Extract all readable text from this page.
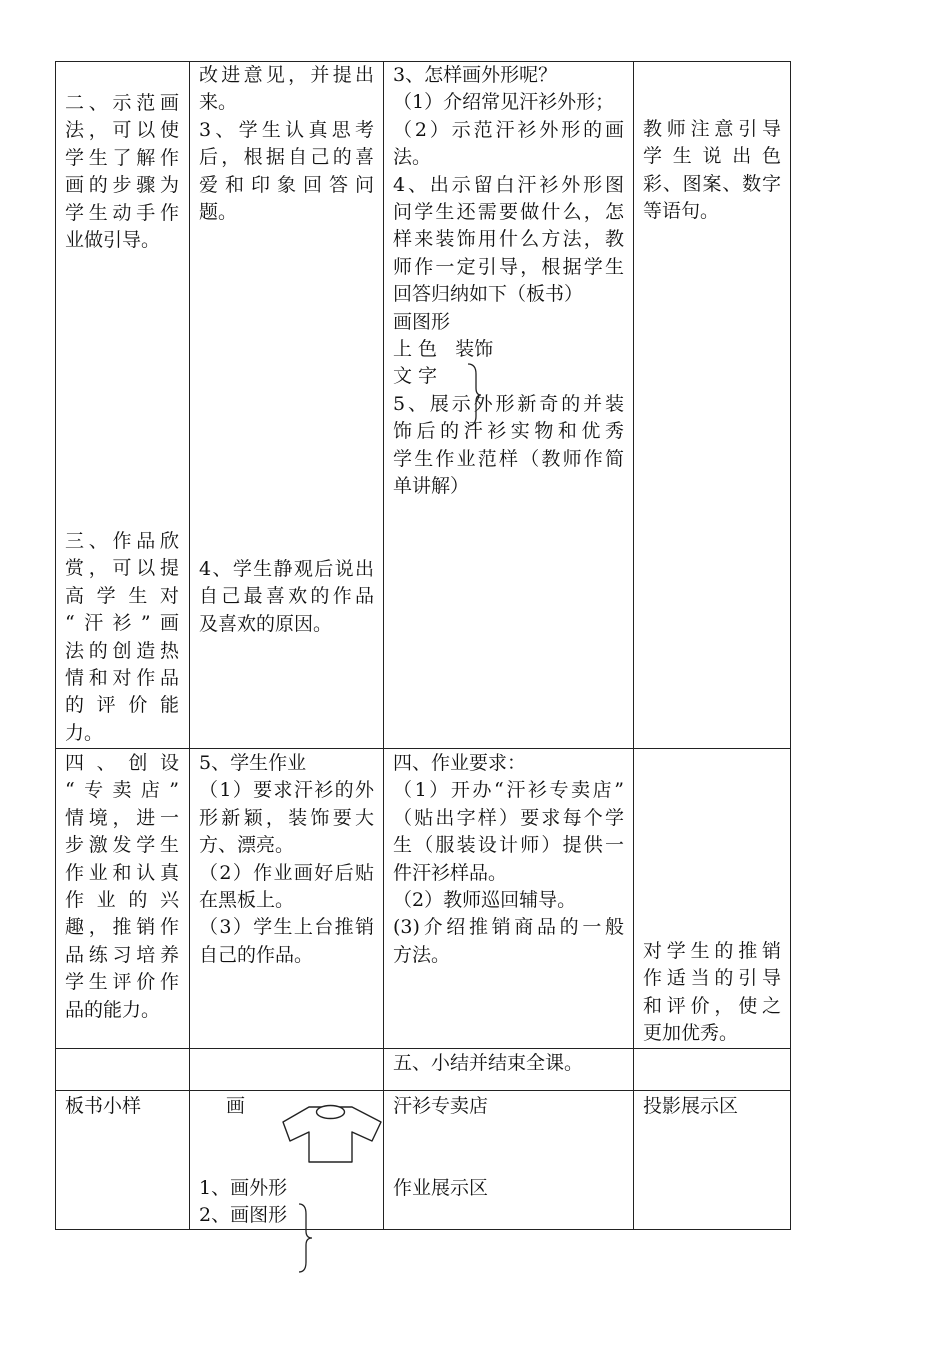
二、示范画

法，可以使

学生了解作

画的步骤为

学生动手作

业做引导。

改进意见，并提出

来。

3、学生认真思考

后，根据自己的喜

爱和印象回答问

题。

3、怎样画外形呢？

（1）介绍常见汗衫外形；

（2）示范汗衫外形的画

法。

4、出示留白汗衫外形图

问学生还需要做什么，怎

样来装饰用什么方法，教

师作一定引导，根据学生

回答归纳如下（板书）

画图形

上 色   装饰

文 字

5、展示外形新奇的并装

饰后的汗衫实物和优秀

学生作业范样（教师作简

单讲解）

教师注意引导

学生说出色

彩、图案、数字

等语句。

三、作品欣

赏，可以提

高学生对

“汗衫”画

法的创造热

情和对作品

的评价能

力。

4、学生静观后说出

自己最喜欢的作品

及喜欢的原因。

四、创设

“专卖店”

情境，进一

步激发学生

作业和认真

作业的兴

趣，推销作

品练习培养

学生评价作

品的能力。

5、学生作业

（1）要求汗衫的外

形新颖，装饰要大

方、漂亮。

（2）作业画好后贴

在黑板上。

（3）学生上台推销

自己的作品。

四、作业要求：

（1）开办“汗衫专卖店”

（贴出字样）要求每个学

生（服装设计师）提供一

件汗衫样品。

（2）教师巡回辅导。

(3)介绍推销商品的一般

方法。	对学生的推销

作适当的引导

和评价，使之

更加优秀。

五、小结并结束全课。

板书小样	画

1、画外形

2、画图形

汗衫专卖店

作业展示区

投影展示区
